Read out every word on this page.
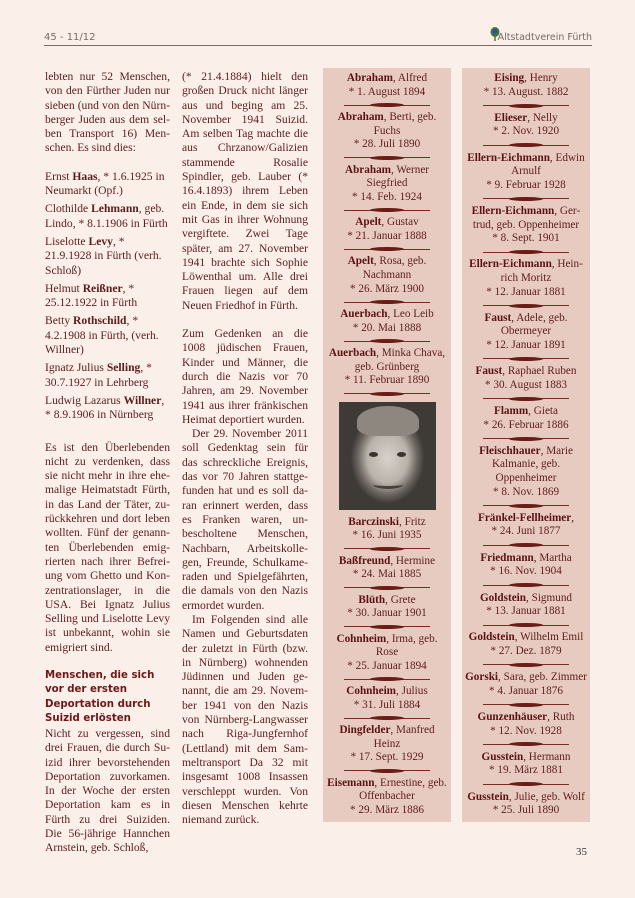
45 - 11/12	Altstadtverein Fürth

lebten nur 52 Menschen, von den Fürther Juden nur sieben (und von den Nürnberger Juden aus dem selben Transport 16) Menschen. Es sind dies:

Ernst Haas, * 1.6.1925 in Neumarkt (Opf.)

Clothilde Lehmann, geb. Lindo, * 8.1.1906 in Fürth

Liselotte Levy, * 21.9.1928 in Fürth (verh. Schloß)

Helmut Reißner, * 25.12.1922 in Fürth

Betty Rothschild, * 4.2.1908 in Fürth, (verh. Willner)

Ignatz Julius Selling, * 30.7.1927 in Lehrberg

Ludwig Lazarus Willner, * 8.9.1906 in Nürnberg

Es ist den Überlebenden nicht zu verdenken, dass sie nicht mehr in ihre ehemalige Heimatstadt Fürth, in das Land der Täter, zurückkehren und dort leben wollten. Fünf der genannten Überlebenden emigrierten nach ihrer Befreiung vom Ghetto und Konzentrationslager, in die USA. Bei Ignatz Julius Selling und Liselotte Levy ist unbekannt, wohin sie emigriert sind.

Menschen, die sich vor der ersten Deportation durch Suizid erlösten

Nicht zu vergessen, sind drei Frauen, die durch Suizid ihrer bevorstehenden Deportation zuvorkamen. In der Woche der ersten Deportation kam es in Fürth zu drei Suiziden. Die 56-jährige Hannchen Arnstein, geb. Schloß,

(* 21.4.1884) hielt den großen Druck nicht länger aus und beging am 25. November 1941 Suizid. Am selben Tag machte die aus Chrzanow/Galizien stammende Rosalie Spindler, geb. Lauber (* 16.4.1893) ihrem Leben ein Ende, in dem sie sich mit Gas in ihrer Wohnung vergiftete. Zwei Tage später, am 27. November 1941 brachte sich Sophie Löwenthal um. Alle drei Frauen liegen auf dem Neuen Friedhof in Fürth.

Zum Gedenken an die 1008 jüdischen Frauen, Kinder und Männer, die durch die Nazis vor 70 Jahren, am 29. November 1941 aus ihrer fränkischen Heimat deportiert wurden.

Der 29. November 2011 soll Gedenktag sein für das schreckliche Ereignis, das vor 70 Jahren stattgefunden hat und es soll daran erinnert werden, dass es Franken waren, unbescholtene Menschen, Nachbarn, Arbeitskollegen, Freunde, Schulkameraden und Spielgefährten, die damals von den Nazis ermordet wurden.

Im Folgenden sind alle Namen und Geburtsdaten der zuletzt in Fürth (bzw. in Nürnberg) wohnenden Jüdinnen und Juden genannt, die am 29. November 1941 von den Nazis von Nürnberg-Langwasser nach Riga-Jungfernhof (Lettland) mit dem Sammeltransport Da 32 mit insgesamt 1008 Insassen verschleppt wurden. Von diesen Menschen kehrte niemand zurück.

Abraham, Alfred
* 1. August 1894
Abraham, Berti, geb. Fuchs
* 28. Juli 1890
Abraham, Werner Siegfried
* 14. Feb. 1924
Apelt, Gustav
* 21. Januar 1888
Apelt, Rosa, geb. Nachmann
* 26. März 1900
Auerbach, Leo Leib
* 20. Mai 1888
Auerbach, Minka Chava, geb. Grünberg
* 11. Februar 1890
Barczinski, Fritz
* 16. Juni 1935
Baßfreund, Hermine
* 24. Mai 1885
Blüth, Grete
* 30. Januar 1901
Cohnheim, Irma, geb. Rose
* 25. Januar 1894
Cohnheim, Julius
* 31. Juli 1884
Dingfelder, Manfred Heinz
* 17. Sept. 1929
Eisemann, Ernestine, geb. Offenbacher
* 29. März 1886
Eising, Henry
* 13. August. 1882
Elieser, Nelly
* 2. Nov. 1920
Ellern-Eichmann, Edwin Arnulf
* 9. Februar 1928
Ellern-Eichmann, Gertrud, geb. Oppenheimer
* 8. Sept. 1901
Ellern-Eichmann, Heinrich Moritz
* 12. Januar 1881
Faust, Adele, geb. Obermeyer
* 12. Januar 1891
Faust, Raphael Ruben
* 30. August 1883
Flamm, Gieta
* 26. Februar 1886
Fleischhauer, Marie Kalmanie, geb. Oppenheimer
* 8. Nov. 1869
Fränkel-Fellheimer,
* 24. Juni 1877
Friedmann, Martha
* 16. Nov. 1904
Goldstein, Sigmund
* 13. Januar 1881
Goldstein, Wilhelm Emil
* 27. Dez. 1879
Gorski, Sara, geb. Zimmer
* 4. Januar 1876
Gunzenhäuser, Ruth
* 12. Nov. 1928
Gusstein, Hermann
* 19. März 1881
Gusstein, Julie, geb. Wolf
* 25. Juli 1890
35
